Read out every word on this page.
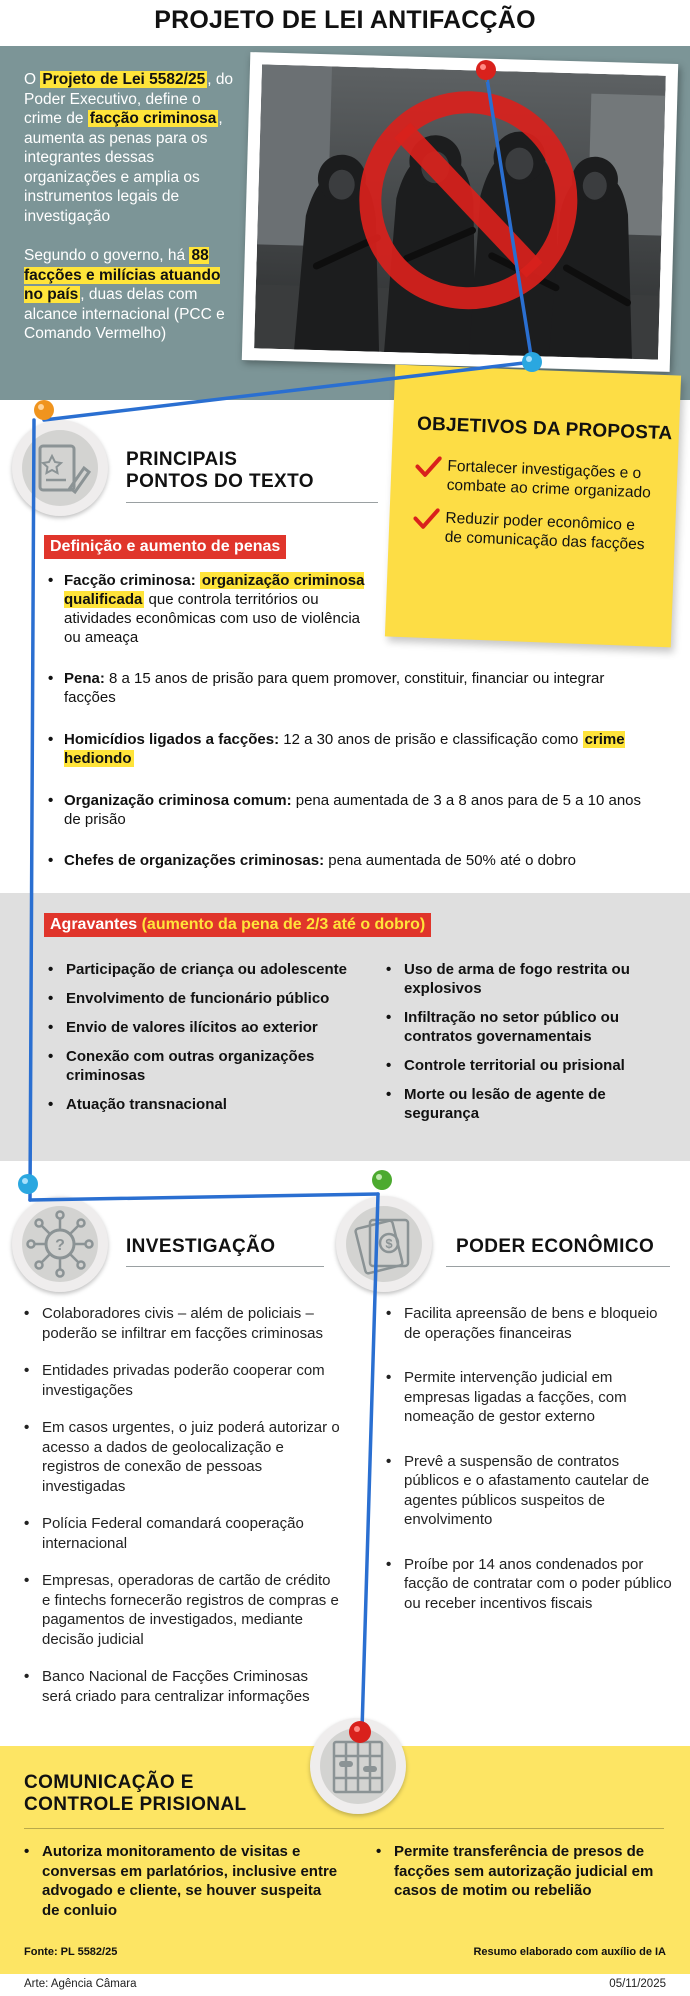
PROJETO DE LEI ANTIFACÇÃO

O Projeto de Lei 5582/25 , do Poder Executivo, define o crime de facção criminosa , aumenta as penas para os integrantes dessas organizações e amplia os instrumentos legais de investigação

Segundo o governo, há 88 facções e milícias atuando no país , duas delas com alcance internacional (PCC e Comando Vermelho)

OBJETIVOS DA PROPOSTA
Fortalecer investigações e o combate ao crime organizado
Reduzir poder econômico e de comunicação das facções
PRINCIPAIS
PONTOS DO TEXTO
Definição e aumento de penas
• Facção criminosa: organização criminosa qualificada que controla territórios ou atividades econômicas com uso de violência ou ameaça
• Pena: 8 a 15 anos de prisão para quem promover, constituir, financiar ou integrar facções
• Homicídios ligados a facções: 12 a 30 anos de prisão e classificação como crime hediondo
• Organização criminosa comum: pena aumentada de 3 a 8 anos para de 5 a 10 anos de prisão
• Chefes de organizações criminosas: pena aumentada de 50% até o dobro
Agravantes (aumento da pena de 2/3 até o dobro)
• Participação de criança ou adolescente
• Envolvimento de funcionário público
• Envio de valores ilícitos ao exterior
• Conexão com outras organizações criminosas
• Atuação transnacional
• Uso de arma de fogo restrita ou explosivos
• Infiltração no setor público ou contratos governamentais
• Controle territorial ou prisional
• Morte ou lesão de agente de segurança
?	INVESTIGAÇÃO
• Colaboradores civis – além de policiais – poderão se infiltrar em facções criminosas
• Entidades privadas poderão cooperar com investigações
• Em casos urgentes, o juiz poderá autorizar o acesso a dados de geolocalização e registros de conexão de pessoas investigadas
• Polícia Federal comandará cooperação internacional
• Empresas, operadoras de cartão de crédito e fintechs fornecerão registros de compras e pagamentos de investigados, mediante decisão judicial
• Banco Nacional de Facções Criminosas será criado para centralizar informações
$	PODER ECONÔMICO
• Facilita apreensão de bens e bloqueio de operações financeiras
• Permite intervenção judicial em empresas ligadas a facções, com nomeação de gestor externo
• Prevê a suspensão de contratos públicos e o afastamento cautelar de agentes públicos suspeitos de envolvimento
• Proíbe por 14 anos condenados por facção de contratar com o poder público ou receber incentivos fiscais
COMUNICAÇÃO E
CONTROLE PRISIONAL
• Autoriza monitoramento de visitas e conversas em parlatórios, inclusive entre advogado e cliente, se houver suspeita de conluio
• Permite transferência de presos de facções sem autorização judicial em casos de motim ou rebelião
Fonte: PL 5582/25	Resumo elaborado com auxílio de IA
Arte: Agência Câmara	05/11/2025
